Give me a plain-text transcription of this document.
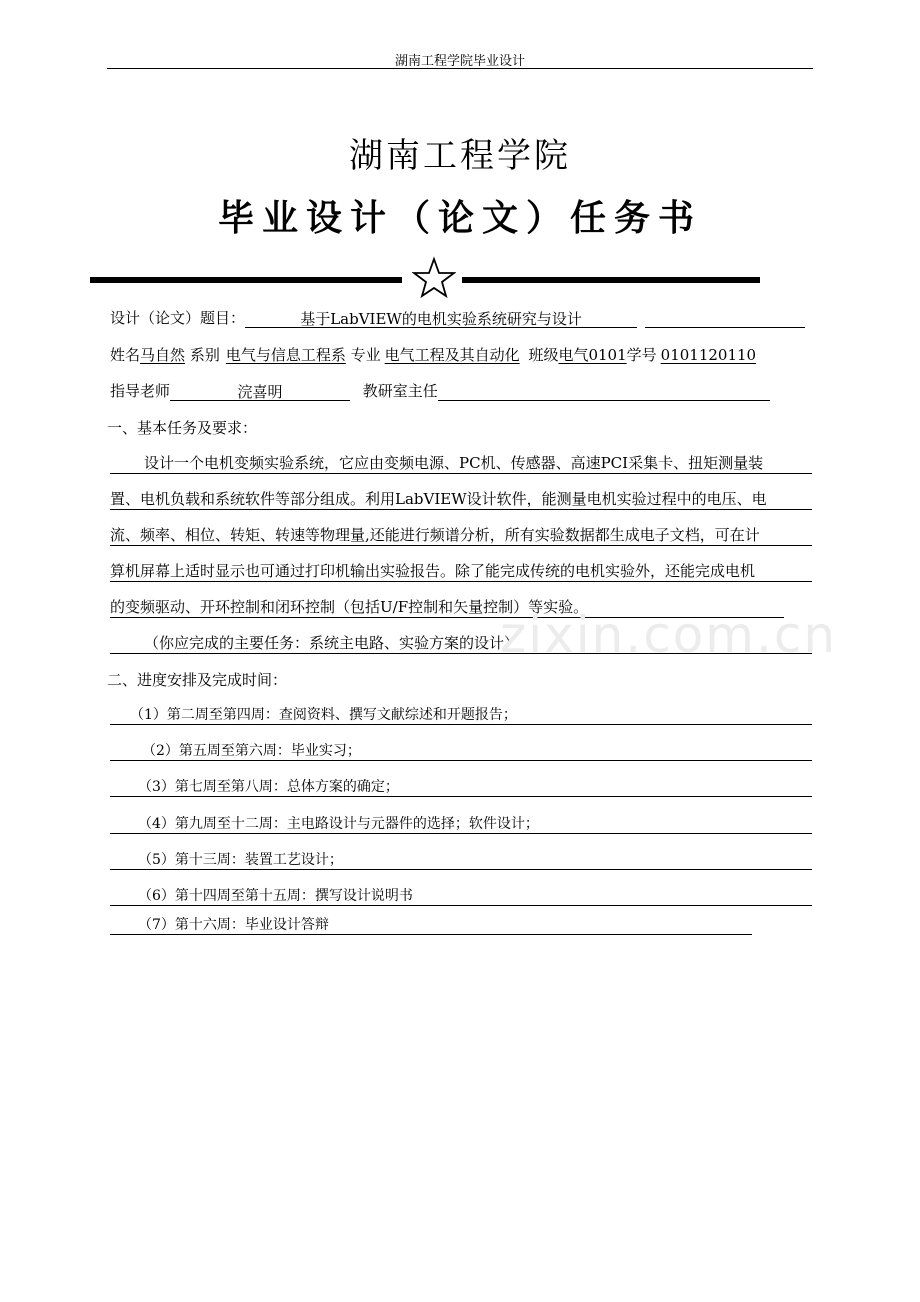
湖南工程学院毕业设计
湖南工程学院
毕业设计（论文）任务书
设计（论文）题目：	基于LabVIEW的电机实验系统研究与设计
姓名马自然 系别 电气与信息工程系 专业 电气工程及其自动化 班级电气0101学号 0101120110
指导老师	浣喜明	教研室主任
一、基本任务及要求：
设计一个电机变频实验系统，它应由变频电源、PC机、传感器、高速PCI采集卡、扭矩测量装
置、电机负载和系统软件等部分组成。利用LabVIEW设计软件，能测量电机实验过程中的电压、电
流、频率、相位、转矩、转速等物理量,还能进行频谱分析，所有实验数据都生成电子文档，可在计
算机屏幕上适时显示也可通过打印机输出实验报告。除了能完成传统的电机实验外，还能完成电机
的变频驱动、开环控制和闭环控制（包括U/F控制和矢量控制）等实验。
（你应完成的主要任务：系统主电路、实验方案的设计）
zixin.com.cn
二、进度安排及完成时间：
（1）第二周至第四周：查阅资料、撰写文献综述和开题报告；
（2）第五周至第六周：毕业实习；
（3）第七周至第八周：总体方案的确定；
（4）第九周至十二周：主电路设计与元器件的选择；软件设计；
（5）第十三周：装置工艺设计；
（6）第十四周至第十五周：撰写设计说明书
（7）第十六周：毕业设计答辩
